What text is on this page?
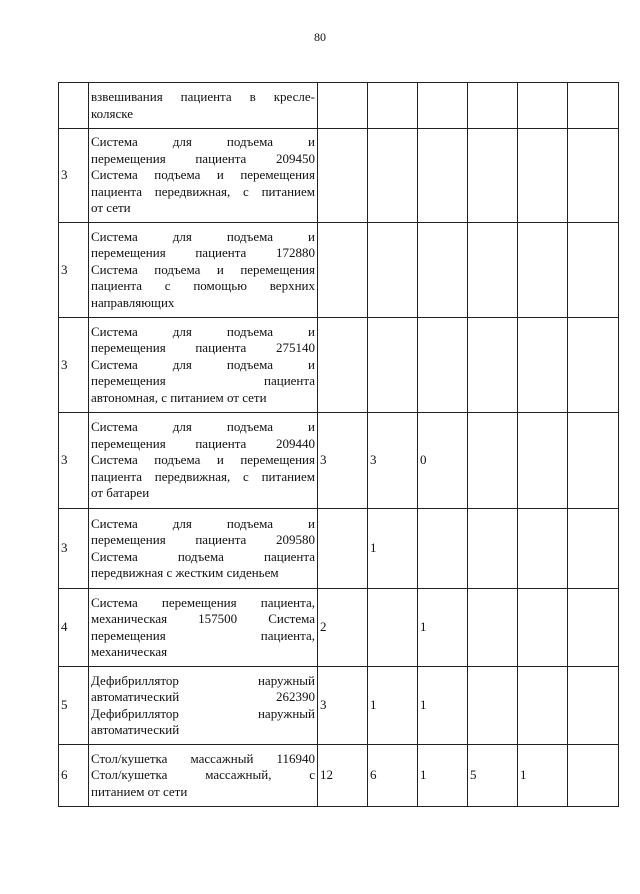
80

	взвешивания пациента в кресле-
коляске						

3	Система для подъема и
перемещения пациента 209450
Система подъема и перемещения
пациента передвижная, с питанием
от сети						

3	Система для подъема и
перемещения пациента 172880
Система подъема и перемещения
пациента с помощью верхних
направляющих						

3	Система для подъема и
перемещения пациента 275140
Система для подъема и
перемещения пациента
автономная, с питанием от сети						

3	Система для подъема и
перемещения пациента 209440
Система подъема и перемещения
пациента передвижная, с питанием
от батареи	3	3	0			
3	Система для подъема и
перемещения пациента 209580
Система подъема пациента
передвижная с жестким сиденьем		1				
4	Система перемещения пациента,
механическая 157500 Система
перемещения пациента,
механическая	2		1			
5	Дефибриллятор наружный
автоматический 262390
Дефибриллятор наружный
автоматический	3	1	1			
6	Стол/кушетка массажный 116940
Стол/кушетка массажный, с
питанием от сети	12	6	1	5	1	
